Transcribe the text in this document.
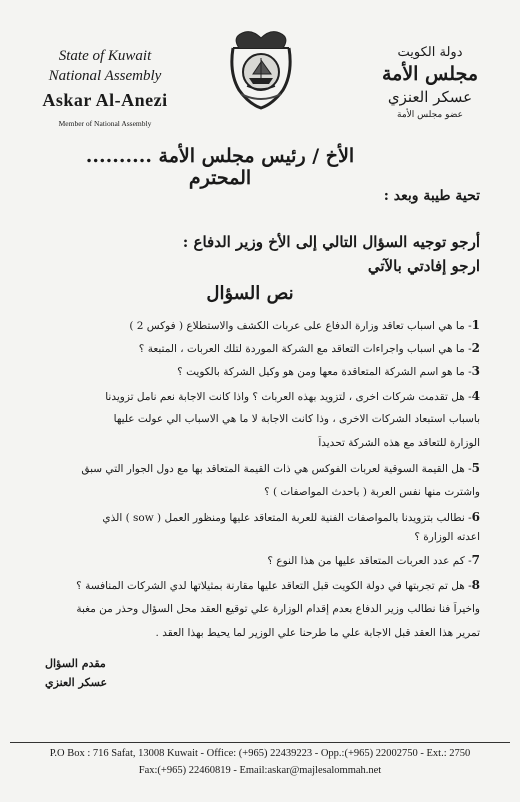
State of Kuwait
National Assembly
Askar Al-Anezi
Member of National Assembly
دولة الكويت
مجلس الأمة
عسكر العنزي
عضو مجلس الأمة
الأخ / رئيس مجلس الأمة .......... المحترم
تحية طيبة وبعد :
أرجو توجيه السؤال التالي إلى الأخ وزير الدفاع :
ارجو إفادتي بالآتي
نص السؤال
1- ما هي اسباب تعاقد وزارة الدفاع على عربات الكشف والاستطلاع ( فوكس 2 )
2- ما هي اسباب واجراءات التعاقد مع الشركة الموردة لتلك العربات ، المتبعة ؟
3- ما هو اسم الشركة المتعاقدة معها ومن هو وكيل الشركة بالكويت ؟
4- هل تقدمت شركات اخرى ، لتزويد بهذه العربات ؟ واذا كانت الاجابة نعم نامل تزويدنا
باسباب استبعاد الشركات الاخرى ، وذا كانت الاجابة لا ما هي الاسباب الي عولت عليها
الوزارة للتعاقد مع هذه الشركة تحديداً
5- هل القيمة السوقية لعربات الفوكس هي ذات القيمة المتعاقد بها مع دول الجوار التي سبق
واشترت منها نفس العربة ( باحدث المواصفات ) ؟
6- نطالب بتزويدنا بالمواصفات الفنية للعربة المتعاقد عليها ومنظور العمل ( sow ) الذي
اعدته الوزارة ؟
7- كم عدد العربات المتعاقد عليها من هذا النوع ؟
8- هل تم تجربتها في دولة الكويت قبل التعاقد عليها مقارنة بمثيلاتها لدي الشركات المنافسة ؟
واخيراً فنا نطالب وزير الدفاع بعدم إقدام الوزارة علي توقيع العقد محل السؤال وحذر من مغبة
تمرير هذا العقد قبل الاجابة علي ما طرحنا علي الوزير لما يحيط بهذا العقد .
مقدم السؤال
عسكر العنزي
P.O Box : 716 Safat, 13008 Kuwait - Office: (+965) 22439223 - Opp.:(+965) 22002750 - Ext.: 2750
Fax:(+965) 22460819 - Email:askar@majlesalommah.net
